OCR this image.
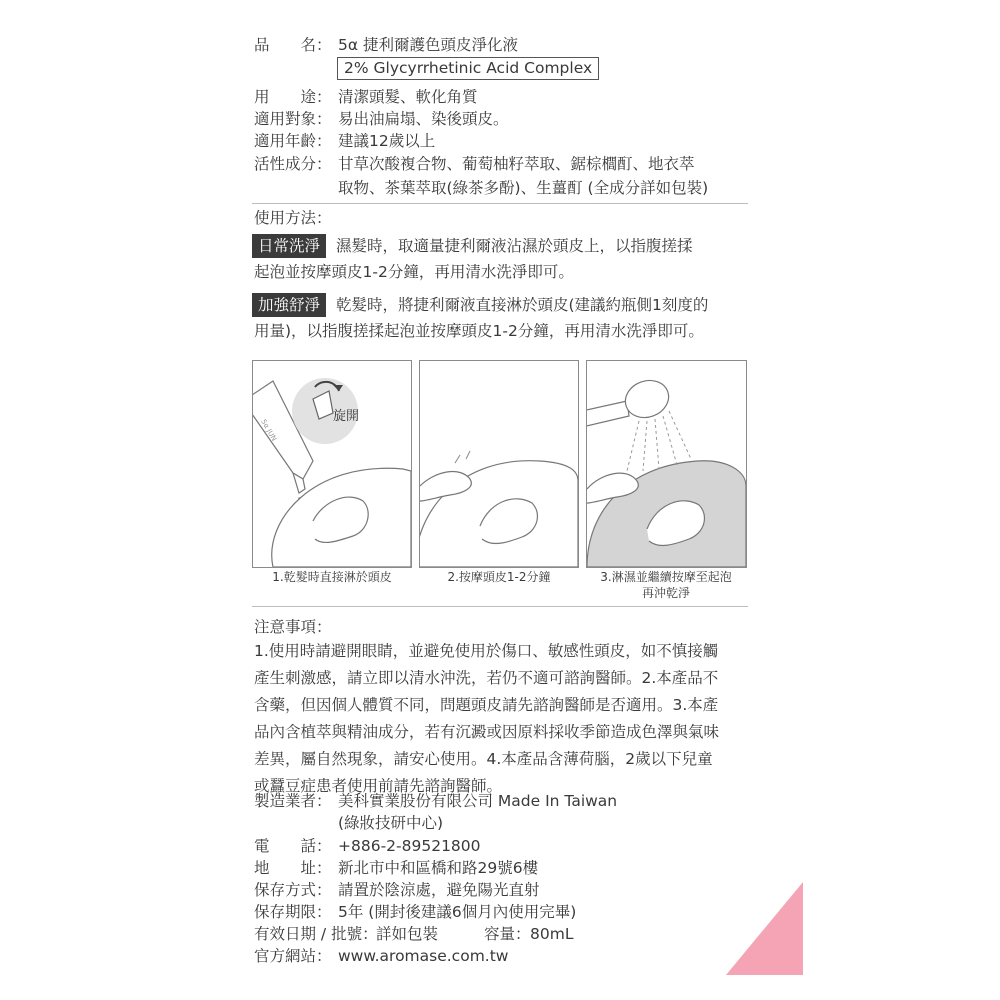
品　　名： 5α 捷利爾護色頭皮淨化液
2% Glycyrrhetinic Acid Complex
用　　途： 清潔頭髮、軟化角質
適用對象： 易出油扁塌、染後頭皮。
適用年齡： 建議12歲以上
活性成分： 甘草次酸複合物、葡萄柚籽萃取、鋸棕櫚酊、地衣萃
取物、茶葉萃取(綠茶多酚)、生薑酊 (全成分詳如包裝)
使用方法：
日常洗淨	濕髮時，取適量捷利爾液沾濕於頭皮上，以指腹搓揉
起泡並按摩頭皮1-2分鐘，再用清水洗淨即可。
加強舒淨	乾髮時，將捷利爾液直接淋於頭皮(建議約瓶側1刻度的
用量)，以指腹搓揉起泡並按摩頭皮1-2分鐘，再用清水洗淨即可。
5α JUN
旋開
1.乾髮時直接淋於頭皮	2.按摩頭皮1-2分鐘	3.淋濕並繼續按摩至起泡
再沖乾淨
注意事項：
1.使用時請避開眼睛，並避免使用於傷口、敏感性頭皮，如不慎接觸
產生刺激感，請立即以清水沖洗，若仍不適可諮詢醫師。2.本產品不
含藥，但因個人體質不同，問題頭皮請先諮詢醫師是否適用。3.本產
品內含植萃與精油成分，若有沉澱或因原料採收季節造成色澤與氣味
差異，屬自然現象，請安心使用。4.本產品含薄荷腦，2歲以下兒童
或蠶豆症患者使用前請先諮詢醫師。
製造業者： 美科實業股份有限公司 Made In Taiwan
(綠妝技研中心)
電　　話： +886-2-89521800
地　　址： 新北市中和區橋和路29號6樓
保存方式： 請置於陰涼處，避免陽光直射
保存期限： 5年 (開封後建議6個月內使用完畢)
有效日期 / 批號：
詳如包裝	容量： 80mL
官方網站： www.aromase.com.tw
